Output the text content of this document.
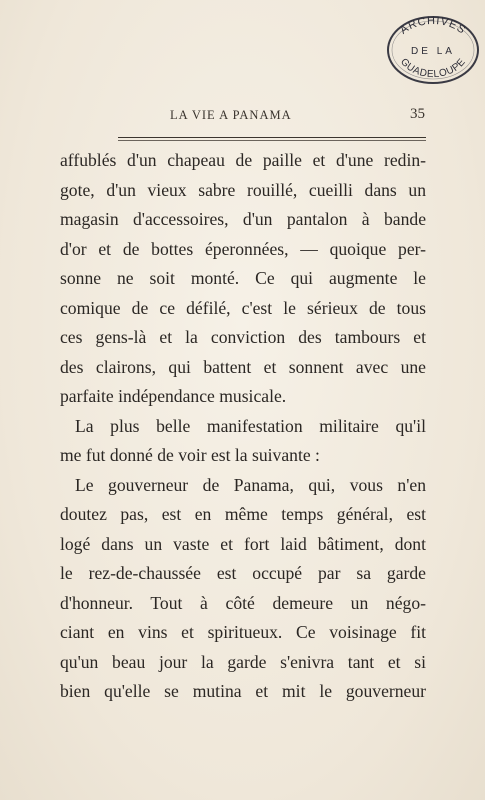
ARCHIVES
DE LA
GUADELOUPE
LA VIE A PANAMA	35
affublés d'un chapeau de paille et d'une redin-
gote, d'un vieux sabre rouillé, cueilli dans un
magasin d'accessoires, d'un pantalon à bande
d'or et de bottes éperonnées, — quoique per-
sonne ne soit monté. Ce qui augmente le
comique de ce défilé, c'est le sérieux de tous
ces gens-là et la conviction des tambours et
des clairons, qui battent et sonnent avec une
parfaite indépendance musicale.
La plus belle manifestation militaire qu'il
me fut donné de voir est la suivante :
Le gouverneur de Panama, qui, vous n'en
doutez pas, est en même temps général, est
logé dans un vaste et fort laid bâtiment, dont
le rez-de-chaussée est occupé par sa garde
d'honneur. Tout à côté demeure un négo-
ciant en vins et spiritueux. Ce voisinage fit
qu'un beau jour la garde s'enivra tant et si
bien qu'elle se mutina et mit le gouverneur
